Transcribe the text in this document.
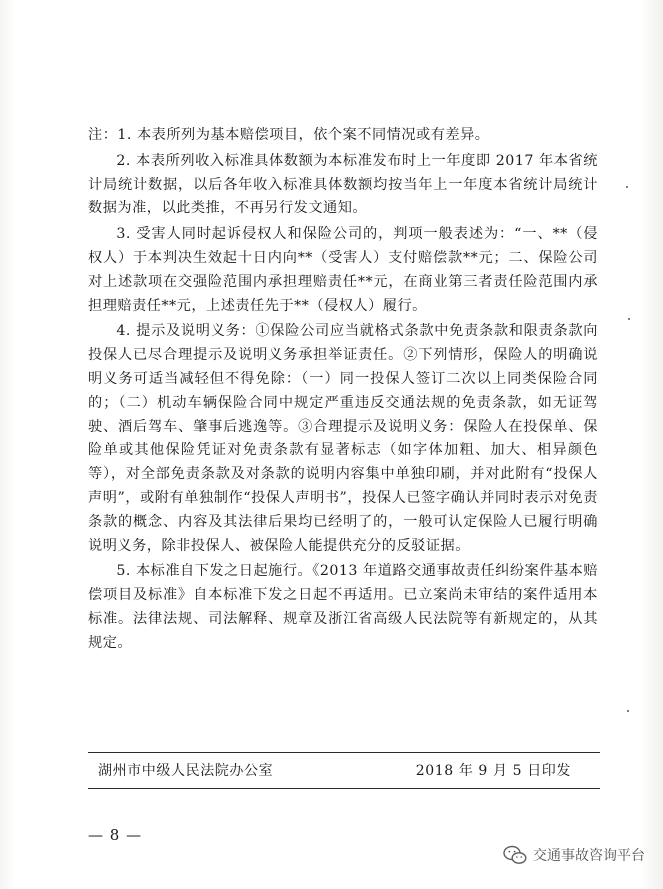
注：1. 本表所列为基本赔偿项目，依个案不同情况或有差异。

2. 本表所列收入标准具体数额为本标准发布时上一年度即 2017 年本省统计局统计数据，以后各年收入标准具体数额均按当年上一年度本省统计局统计数据为准，以此类推，不再另行发文通知。

3. 受害人同时起诉侵权人和保险公司的，判项一般表述为：“一、**（侵权人）于本判决生效起十日内向**（受害人）支付赔偿款**元；二、保险公司对上述款项在交强险范围内承担理赔责任**元，在商业第三者责任险范围内承担理赔责任**元，上述责任先于**（侵权人）履行。

4. 提示及说明义务：①保险公司应当就格式条款中免责条款和限责条款向投保人已尽合理提示及说明义务承担举证责任。②下列情形，保险人的明确说明义务可适当减轻但不得免除：（一）同一投保人签订二次以上同类保险合同的；（二）机动车辆保险合同中规定严重违反交通法规的免责条款，如无证驾驶、酒后驾车、肇事后逃逸等。③合理提示及说明义务：保险人在投保单、保险单或其他保险凭证对免责条款有显著标志（如字体加粗、加大、相异颜色等），对全部免责条款及对条款的说明内容集中单独印刷，并对此附有“投保人声明”，或附有单独制作“投保人声明书”，投保人已签字确认并同时表示对免责条款的概念、内容及其法律后果均已经明了的，一般可认定保险人已履行明确说明义务，除非投保人、被保险人能提供充分的反驳证据。

5. 本标准自下发之日起施行。《2013 年道路交通事故责任纠纷案件基本赔偿项目及标准》自本标准下发之日起不再适用。已立案尚未审结的案件适用本标准。法律法规、司法解释、规章及浙江省高级人民法院等有新规定的，从其规定。

湖州市中级人民法院办公室	2018 年 9 月 5 日印发
— 8 —
交通事故咨询平台
